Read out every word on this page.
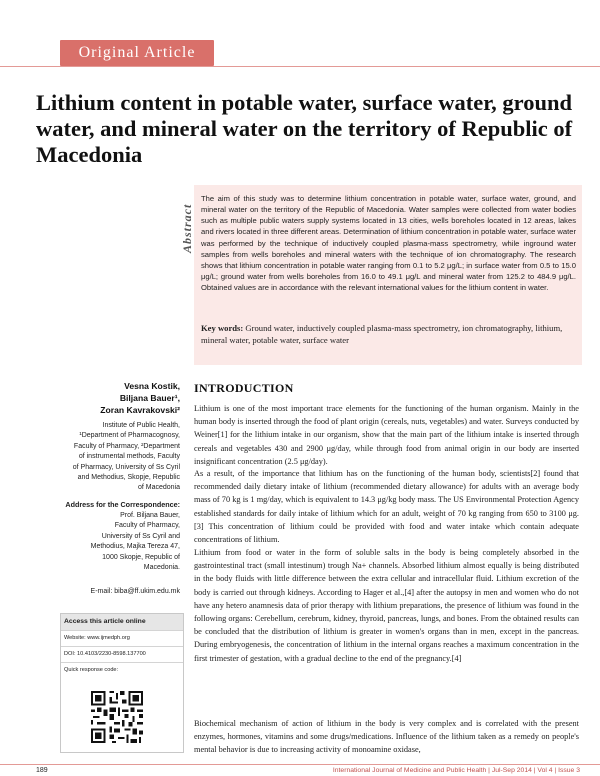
Original Article
Lithium content in potable water, surface water, ground water, and mineral water on the territory of Republic of Macedonia
Abstract

The aim of this study was to determine lithium concentration in potable water, surface water, ground, and mineral water on the territory of the Republic of Macedonia. Water samples were collected from water bodies such as multiple public waters supply systems located in 13 cities, wells boreholes located in 12 areas, lakes and rivers located in three different areas. Determination of lithium concentration in potable water, surface water was performed by the technique of inductively coupled plasma-mass spectrometry, while inground water samples from wells boreholes and mineral waters with the technique of ion chromatography. The research shows that lithium concentration in potable water ranging from 0.1 to 5.2 μg/L; in surface water from 0.5 to 15.0 μg/L; ground water from wells boreholes from 16.0 to 49.1 μg/L and mineral water from 125.2 to 484.9 μg/L. Obtained values are in accordance with the relevant international values for the lithium content in water.

Key words: Ground water, inductively coupled plasma-mass spectrometry, ion chromatography, lithium, mineral water, potable water, surface water

Vesna Kostik,
Biljana Bauer¹,
Zoran Kavrakovski²

Institute of Public Health,
¹Department of Pharmacognosy,
Faculty of Pharmacy, ²Department
of instrumental methods, Faculty
of Pharmacy, University of Ss Cyril
and Methodius, Skopje, Republic
of Macedonia

Address for the Correspondence:

Prof. Biljana Bauer,
Faculty of Pharmacy,
University of Ss Cyril and
Methodius, Majka Tereza 47,
1000 Skopje, Republic of
Macedonia.

E-mail: biba@ff.ukim.edu.mk

Access this article online
Website: www.ijmedph.org
DOI: 10.4103/2230-8598.137700
Quick response code:
INTRODUCTION

Lithium is one of the most important trace elements for the functioning of the human organism. Mainly in the human body is inserted through the food of plant origin (cereals, nuts, vegetables) and water. Surveys conducted by Weiner[1] for the lithium intake in our organism, show that the main part of the lithium intake is inserted through cereals and vegetables 430 and 2900 μg/day, while through food from animal origin in our body are inserted insignificant concentration (2.5 μg/day).

As a result, of the importance that lithium has on the functioning of the human body, scientists[2] found that recommended daily dietary intake of lithium (recommended dietary allowance) for adults with an average body mass of 70 kg is 1 mg/day, which is equivalent to 14.3 μg/kg body mass. The US Environmental Protection Agency established standards for daily intake of lithium which for an adult, weight of 70 kg ranging from 650 to 3100 μg.[3] This concentration of lithium could be provided with food and water intake which contain adequate concentrations of lithium.

Lithium from food or water in the form of soluble salts in the body is being completely absorbed in the gastrointestinal tract (small intestinum) trough Na+ channels. Absorbed lithium almost equally is being distributed in the body fluids with little difference between the extra cellular and intracellular fluid. Lithium excretion of the body is carried out through kidneys. According to Hager et al.,[4] after the autopsy in men and women who do not have any hetero anamnesis data of prior therapy with lithium preparations, the presence of lithium was found in the following organs: Cerebellum, cerebrum, kidney, thyroid, pancreas, lungs, and bones. From the obtained results can be concluded that the distribution of lithium is greater in women's organs than in men, except in the pancreas. During embryogenesis, the concentration of lithium in the internal organs reaches a maximum concentration in the first trimester of gestation, with a gradual decline to the end of the pregnancy.[4]

Biochemical mechanism of action of lithium in the body is very complex and is correlated with the present enzymes, hormones, vitamins and some drugs/medications. Influence of the lithium taken as a remedy on people's mental behavior is due to increasing activity of monoamine oxidase,

189	International Journal of Medicine and Public Health | Jul-Sep 2014 | Vol 4 | Issue 3
